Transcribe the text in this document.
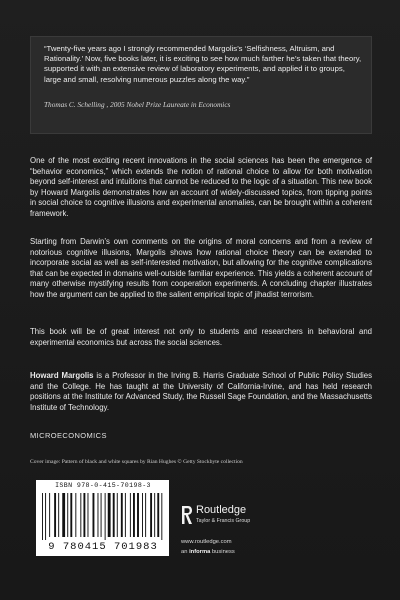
“Twenty-five years ago I strongly recommended Margolis’s ‘Selfishness, Altruism, and Rationality.’ Now, five books later, it is exciting to see how much farther he’s taken that theory, supported it with an extensive review of laboratory experiments, and applied it to groups, large and small, resolving numerous puzzles along the way.”
Thomas C. Schelling , 2005 Nobel Prize Laureate in Economics
One of the most exciting recent innovations in the social sciences has been the emergence of “behavior economics,” which extends the notion of rational choice to allow for both motivation beyond self-interest and intuitions that cannot be reduced to the logic of a situation. This new book by Howard Margolis demonstrates how an account of widely-discussed topics, from tipping points in social choice to cognitive illusions and experimental anomalies, can be brought within a coherent framework.
Starting from Darwin’s own comments on the origins of moral concerns and from a review of notorious cognitive illusions, Margolis shows how rational choice theory can be extended to incorporate social as well as self-interested motivation, but allowing for the cognitive complications that can be expected in domains well-outside familiar experience. This yields a coherent account of many otherwise mystifying results from cooperation experiments. A concluding chapter illustrates how the argument can be applied to the salient empirical topic of jihadist terrorism.
This book will be of great interest not only to students and researchers in behavioral and experimental economics but across the social sciences.
Howard Margolis is a Professor in the Irving B. Harris Graduate School of Public Policy Studies and the College. He has taught at the University of California-Irvine, and has held research positions at the Institute for Advanced Study, the Russell Sage Foundation, and the Massachusetts Institute of Technology.
MICROECONOMICS
Cover image: Pattern of black and white squares by Rian Hughes © Getty Stockbyte collection
ISBN 978-0-415-70198-3
9 780415 701983
Routledge
Taylor & Francis Group
www.routledge.com
an informa business
